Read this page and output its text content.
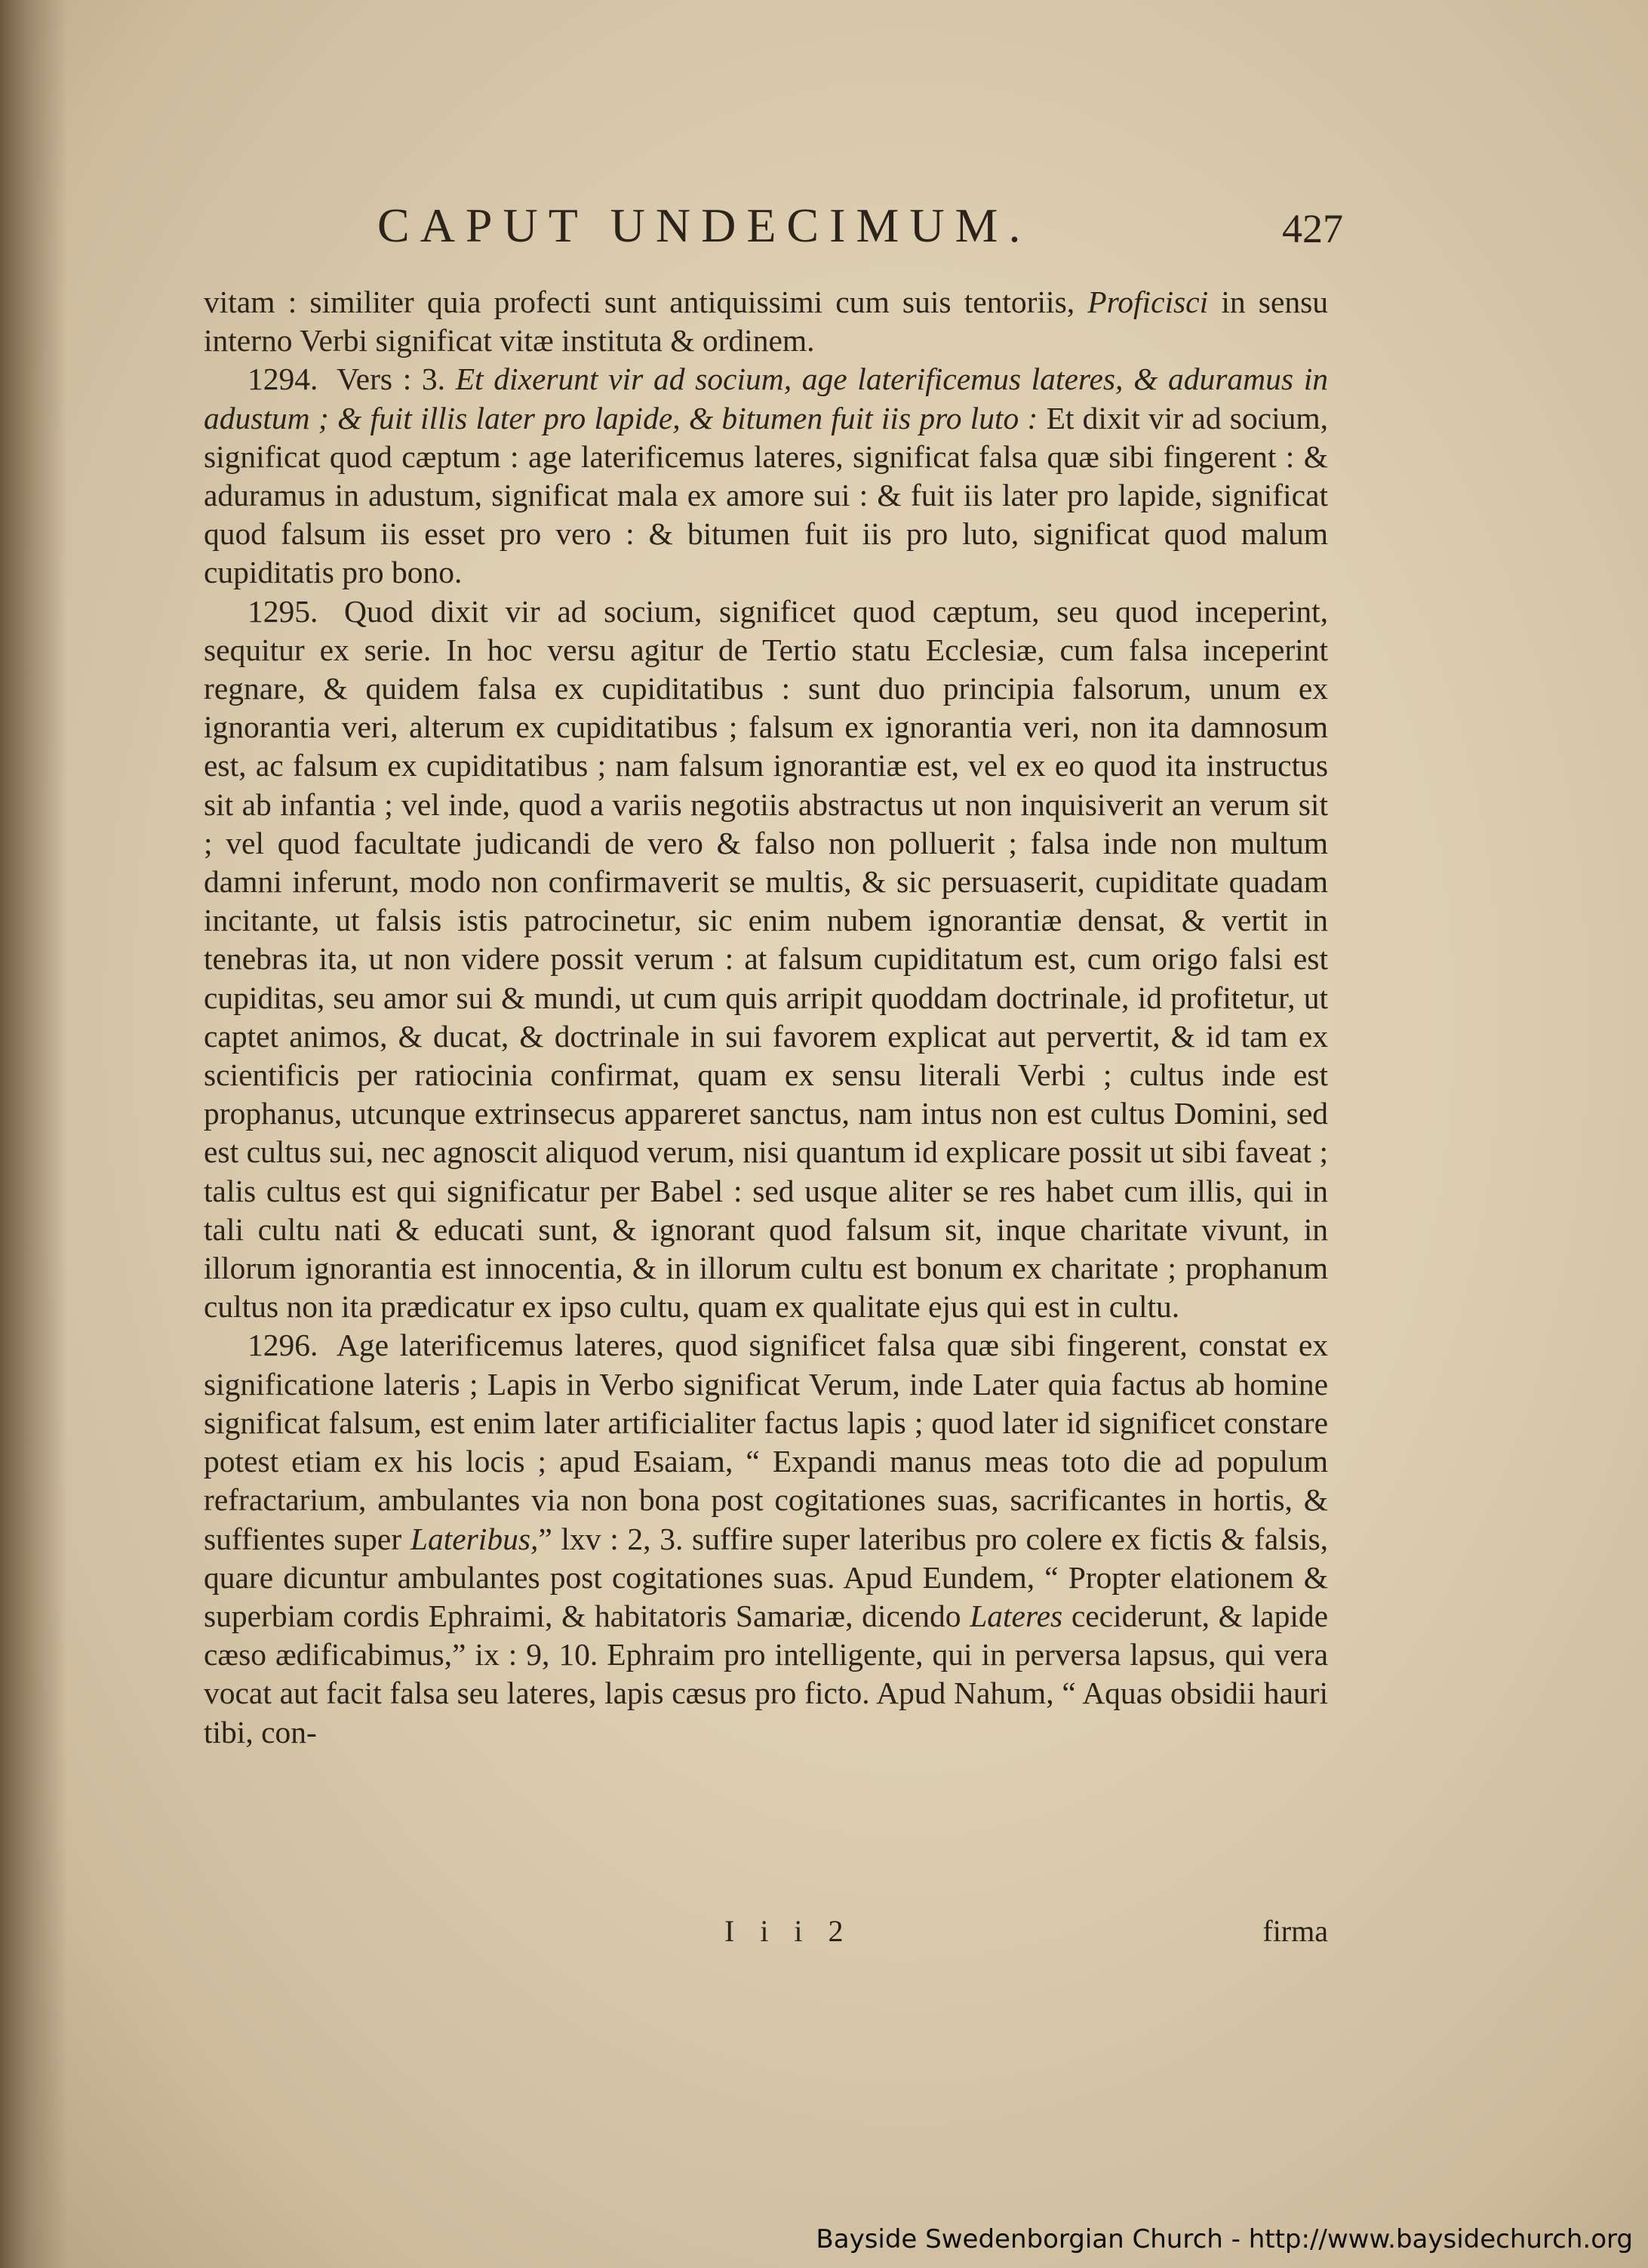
CAPUT UNDECIMUM.	427

vitam : similiter quia profecti sunt antiquissimi cum suis tentoriis, Proficisci in sensu interno Verbi significat vitæ instituta & ordinem.

1294. Vers : 3. Et dixerunt vir ad socium, age laterificemus lateres, & aduramus in adustum ; & fuit illis later pro lapide, & bitumen fuit iis pro luto : Et dixit vir ad socium, significat quod cæptum : age laterificemus lateres, significat falsa quæ sibi fingerent : & aduramus in adustum, significat mala ex amore sui : & fuit iis later pro lapide, significat quod falsum iis esset pro vero : & bitumen fuit iis pro luto, significat quod malum cupiditatis pro bono.

1295. Quod dixit vir ad socium, significet quod cæptum, seu quod inceperint, sequitur ex serie. In hoc versu agitur de Tertio statu Ecclesiæ, cum falsa inceperint regnare, & quidem falsa ex cupiditatibus : sunt duo principia falsorum, unum ex ignorantia veri, alterum ex cupiditatibus ; falsum ex ignorantia veri, non ita damnosum est, ac falsum ex cupiditatibus ; nam falsum ignorantiæ est, vel ex eo quod ita instructus sit ab infantia ; vel inde, quod a variis negotiis abstractus ut non inquisiverit an verum sit ; vel quod facultate judicandi de vero & falso non polluerit ; falsa inde non multum damni inferunt, modo non confirmaverit se multis, & sic persuaserit, cupiditate quadam incitante, ut falsis istis patrocinetur, sic enim nubem ignorantiæ densat, & vertit in tenebras ita, ut non videre possit verum : at falsum cupiditatum est, cum origo falsi est cupiditas, seu amor sui & mundi, ut cum quis arripit quoddam doctrinale, id profitetur, ut captet animos, & ducat, & doctrinale in sui favorem explicat aut pervertit, & id tam ex scientificis per ratiocinia confirmat, quam ex sensu literali Verbi ; cultus inde est prophanus, utcunque extrinsecus appareret sanctus, nam intus non est cultus Domini, sed est cultus sui, nec agnoscit aliquod verum, nisi quantum id explicare possit ut sibi faveat ; talis cultus est qui significatur per Babel : sed usque aliter se res habet cum illis, qui in tali cultu nati & educati sunt, & ignorant quod falsum sit, inque charitate vivunt, in illorum ignorantia est innocentia, & in illorum cultu est bonum ex charitate ; prophanum cultus non ita prædicatur ex ipso cultu, quam ex qualitate ejus qui est in cultu.

1296. Age laterificemus lateres, quod significet falsa quæ sibi fingerent, constat ex significatione lateris ; Lapis in Verbo significat Verum, inde Later quia factus ab homine significat falsum, est enim later artificialiter factus lapis ; quod later id significet constare potest etiam ex his locis ; apud Esaiam, “ Expandi manus meas toto die ad populum refractarium, ambulantes via non bona post cogitationes suas, sacrificantes in hortis, & suffientes super Lateribus,” lxv : 2, 3. suffire super lateribus pro colere ex fictis & falsis, quare dicuntur ambulantes post cogitationes suas. Apud Eundem, “ Propter elationem & superbiam cordis Ephraimi, & habitatoris Samariæ, dicendo Lateres ceciderunt, & lapide cæso ædificabimus,” ix : 9, 10. Ephraim pro intelligente, qui in perversa lapsus, qui vera vocat aut facit falsa seu lateres, lapis cæsus pro ficto. Apud Nahum, “ Aquas obsidii hauri tibi, con-

I i i 2	firma
Bayside Swedenborgian Church - http://www.baysidechurch.org
